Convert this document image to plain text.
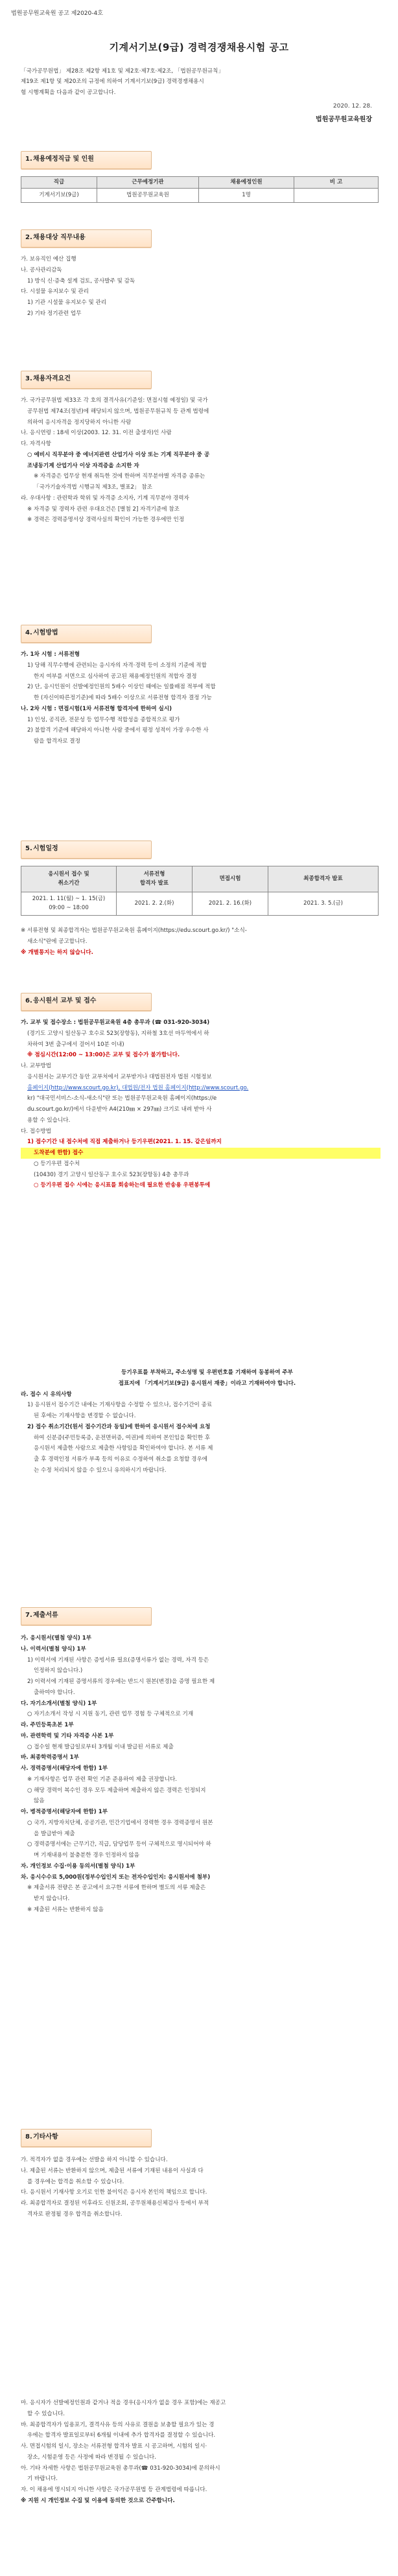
법원공무원교육원 공고 제2020-4호
기계서기보(9급) 경력경쟁채용시험 공고

「국가공무원법」 제28조 제2항 제1호 및 제2호·제7호·제2조, 「법원공무원규칙」

제19조 제1항 및 제20조의 규정에 의하여 기계서기보(9급) 경력경쟁채용시

험 시행계획을 다음과 같이 공고합니다.

2020. 12. 28.
법원공무원교육원장
1. 채용예정직급 및 인원
직급	근무예정기관	채용예정인원	비 고
기계서기보(9급)	법원공무원교육원	1명	
2. 채용대상 직무내용

가. 보유직인 예산 집행

나. 공사관리감독

1) 방식 신·증축 설계 검토, 공사발주 및 감독

다. 시설물 유지보수 및 관리

1) 기관 시설물 유지보수 및 관리

2) 기타 정기관련 업무

3. 채용자격요건

가. 국가공무원법 제33조 각 호의 결격사유(기준일: 면접시험 예정일) 및 국가

공무원법 제74조(정년)에 해당되지 않으며, 법원공무원규칙 등 관계 법령에

의하여 응시자격을 정지당하지 아니한 사람

나. 응시연령 : 18세 이상(2003. 12. 31. 이전 출생자)인 사람

다. 자격사항

○ 예비시 직무분야 중 에너지관련 산업기사 이상 또는 기계 직무분야 중 공

조냉동기계 산업기사 이상 자격증을 소지한 자

※ 자격증은 업무상 현재 취득한 것에 한하며 직무분야별 자격증 종류는

「국가기술자격법 시행규칙 제3조, 별표2」 참조

라. 우대사항 : 관련학과 학위 및 자격증 소지자, 기계 직무분야 경력자

※ 자격증 및 경력자 관련 우대요건은 [별첨 2] 자격기준에 참조

※ 경력은 경력증명서상 경력사실의 확인이 가능한 경우에만 인정

4. 시험방법

가. 1차 시험 : 서류전형

1) 당해 직무수행에 관련되는 응시자의 자격·경력 등이 소정의 기준에 적합

한지 여부를 서면으로 심사하여 공고된 채용예정인원의 적합자 결정

2) 단, 응시인원이 선발예정인원의 5배수 이상인 때에는 일률배점 적부에 적합

한 (자신이따른정기준)에 따라 5배수 이상으로 서류전형 합격자 결정 가능

나. 2차 시험 : 면접시험(1차 서류전형 합격자에 한하여 실시)

1) 인성, 공직관, 전문성 등 업무수행 적합성을 종합적으로 평가

2) 불합격 기준에 해당하지 아니한 사람 중에서 평정 성적이 가장 우수한 사

람을 합격자로 결정

5. 시험일정
응시원서 접수 및
취소기간	서류전형
합격자 발표	면접시험	최종합격자 발표
2021. 1. 11(월) ~ 1. 15(금)
09:00 ~ 18:00	2021. 2. 2.(화)	2021. 2. 16.(화)	2021. 3. 5.(금)

※ 서류전형 및 최종합격자는 법원공무원교육원 홈페이지(https://edu.scourt.go.kr/) "소식-

새소식"란에 공고합니다.

※ 개별통지는 하지 않습니다.

6. 응시원서 교부 및 접수

가. 교부 및 접수장소 : 법원공무원교육원 4층 총무과 (☎ 031-920-3034)

(경기도 고양시 일산동구 호수로 523(장항동), 지하철 3호선 마두역에서 하

차하여 3번 출구에서 걸어서 10분 이내)

※ 점심시간(12:00 ~ 13:00)은 교부 및 접수가 불가합니다.

나. 교부방법

응시원서는 교부기간 동안 교부처에서 교부받거나 대법원전자 법원 시험정보

홈페이지(http://www.scourt.go.kr), 대법원/전자 법원 홈페이지(http://www.scourt.go.

kr) "대국민서비스-소식-새소식"란 또는 법원공무원교육원 홈페이지(https://e

du.scourt.go.kr/)에서 다운받아 A4(210㎜ × 297㎜) 크기로 내려 받아 사

용할 수 있습니다.

다. 접수방법

1) 접수기간 내 접수처에 직접 제출하거나 등기우편(2021. 1. 15. 같은일까지

도착분에 한함) 접수

○ 등기우편 접수처

(10430) 경기 고양시 일산동구 호수로 523(장항동) 4층 총무과

○ 등기우편 접수 시에는 응시표를 회송하는데 필요한 반송용 우편봉투에

등기우표를 부착하고, 주소성명 및 우편번호를 기재하여 동봉하여 주부

접표지에 「기계서기보(9급) 응시원서 재중」이라고 기재하여야 합니다.

라. 접수 시 유의사항

1) 응시원서 접수기간 내에는 기재사항을 수정할 수 있으나, 접수기간이 종료

된 후에는 기재사항을 변경할 수 없습니다.

2) 접수 취소기간(원서 접수기간과 동일)에 한하여 응시원서 접수처에 요청

하여 신분증(주민등록증, 운전면허증, 여권)에 의하여 본인임을 확인한 후

응시원서 제출한 사람으로 제출한 사항임을 확인하여야 합니다. 본 서류 제

출 후 경력인정 서류가 부족 등의 이유로 수정하여 취소를 요청할 경우에

는 수정 처리되지 않을 수 있으니 유의하시기 바랍니다.

7. 제출서류

가. 응시원서(별첨 양식) 1부

나. 이력서(별첨 양식) 1부

1) 이력서에 기재된 사항은 증빙서류 필요(증명서류가 없는 경력, 자격 등은

인정하지 않습니다.)

2) 이력서에 기재된 증명서류의 경우에는 반드시 원본(변경)을 증명 필요한 제

출하여야 합니다.

다. 자기소개서(별첨 양식) 1부

○ 자기소개서 작성 시 지원 동기, 관련 업무 경험 등 구체적으로 기재

라. 주민등록초본 1부

마. 관련학력 및 기타 자격증 사본 1부

○ 접수일 현재 발급일로부터 3개월 이내 발급된 서류로 제출

바. 최종학력증명서 1부

사. 경력증명서(해당자에 한함) 1부

※ 기재사항은 업무 관련 확인 기준 준용하여 제출 권장합니다.

○ 해당 경력이 복수인 경우 모두 제출하며 제출하지 않은 경력은 인정되지

않음

아. 병적증명서(해당자에 한함) 1부

○ 국가, 지방자치단체, 공공기관, 민간기업에서 경력한 경우 경력증명서 원본

을 발급받아 제출

○ 경력증명서에는 근무기간, 직급, 담당업무 등이 구체적으로 명시되어야 하

며 기재내용이 불충분한 경우 인정하지 않음

자. 개인정보 수집·이용 동의서(별첨 양식) 1부

차. 응시수수료 5,000원(정부수입인지 또는 전자수입인지: 응시원서에 첨부)

※ 제출서류 전량은 본 공고에서 요구한 서류에 한하며 별도의 서류 제출은

받지 않습니다.

※ 제출된 서류는 반환하지 않음

8. 기타사항

가. 적격자가 없을 경우에는 선발을 하지 아니할 수 있습니다.

나. 제출된 서류는 반환하지 않으며, 제출된 서류에 기재된 내용이 사실과 다

를 경우에는 합격을 취소할 수 있습니다.

다. 응시원서 기재사항 오기로 인한 불이익은 응시자 본인의 책임으로 합니다.

라. 최종합격자로 결정된 이후라도 신원조회, 공무원채용신체검사 등에서 부적

격자로 판정될 경우 합격을 취소합니다.

마. 응시자가 선발예정인원과 같거나 적을 경우(응시자가 없을 경우 포함)에는 재공고

할 수 있습니다.

바. 최종합격자가 임용포기, 결격사유 등의 사유로 결원을 보충할 필요가 있는 경

우에는 합격자 발표일로부터 6개월 이내에 추가 합격자를 결정할 수 있습니다.

사. 면접시험의 일시, 장소는 서류전형 합격자 발표 시 공고하며, 시험의 일시·

장소, 시험운영 등은 사정에 따라 변경될 수 있습니다.

아. 기타 자세한 사항은 법원공무원교육원 총무과(☎ 031-920-3034)에 문의하시

기 바랍니다.

자. 이 채용에 명시되지 아니한 사항은 국가공무원법 등 관계법령에 따릅니다.

※ 지원 시 개인정보 수집 및 이용에 동의한 것으로 간주합니다.
